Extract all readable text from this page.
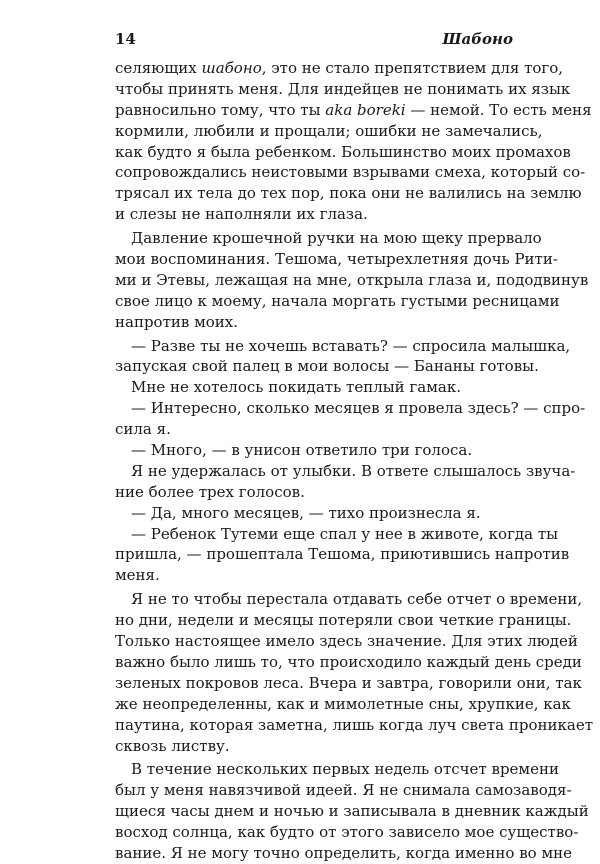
14	Шабоно
селяющих шабоно, это не стало препятствием для того,
чтобы принять меня. Для индейцев не понимать их язык
равносильно тому, что ты aka boreki — немой. То есть меня
кормили, любили и прощали; ошибки не замечались,
как будто я была ребенком. Большинство моих промахов
сопровождались неистовыми взрывами смеха, который со-
трясал их тела до тех пор, пока они не валились на землю
и слезы не наполняли их глаза.
Давление крошечной ручки на мою щеку прервало
мои воспоминания. Тешома, четырехлетняя дочь Рити-
ми и Этевы, лежащая на мне, открыла глаза и, пододвинув
свое лицо к моему, начала моргать густыми ресницами
напротив моих.
— Разве ты не хочешь вставать? — спросила малышка,
запуская свой палец в мои волосы — Бананы готовы.
Мне не хотелось покидать теплый гамак.
— Интересно, сколько месяцев я провела здесь? — спро-
сила я.
— Много, — в унисон ответило три голоса.
Я не удержалась от улыбки. В ответе слышалось звуча-
ние более трех голосов.
— Да, много месяцев, — тихо произнесла я.
— Ребенок Тутеми еще спал у нее в животе, когда ты
пришла, — прошептала Тешома, приютившись напротив
меня.
Я не то чтобы перестала отдавать себе отчет о времени,
но дни, недели и месяцы потеряли свои четкие границы.
Только настоящее имело здесь значение. Для этих людей
важно было лишь то, что происходило каждый день среди
зеленых покровов леса. Вчера и завтра, говорили они, так
же неопределенны, как и мимолетные сны, хрупкие, как
паутина, которая заметна, лишь когда луч света проникает
сквозь листву.
В течение нескольких первых недель отсчет времени
был у меня навязчивой идеей. Я не снимала самозаводя-
щиеся часы днем и ночью и записывала в дневник каждый
восход солнца, как будто от этого зависело мое существо-
вание. Я не могу точно определить, когда именно во мне
